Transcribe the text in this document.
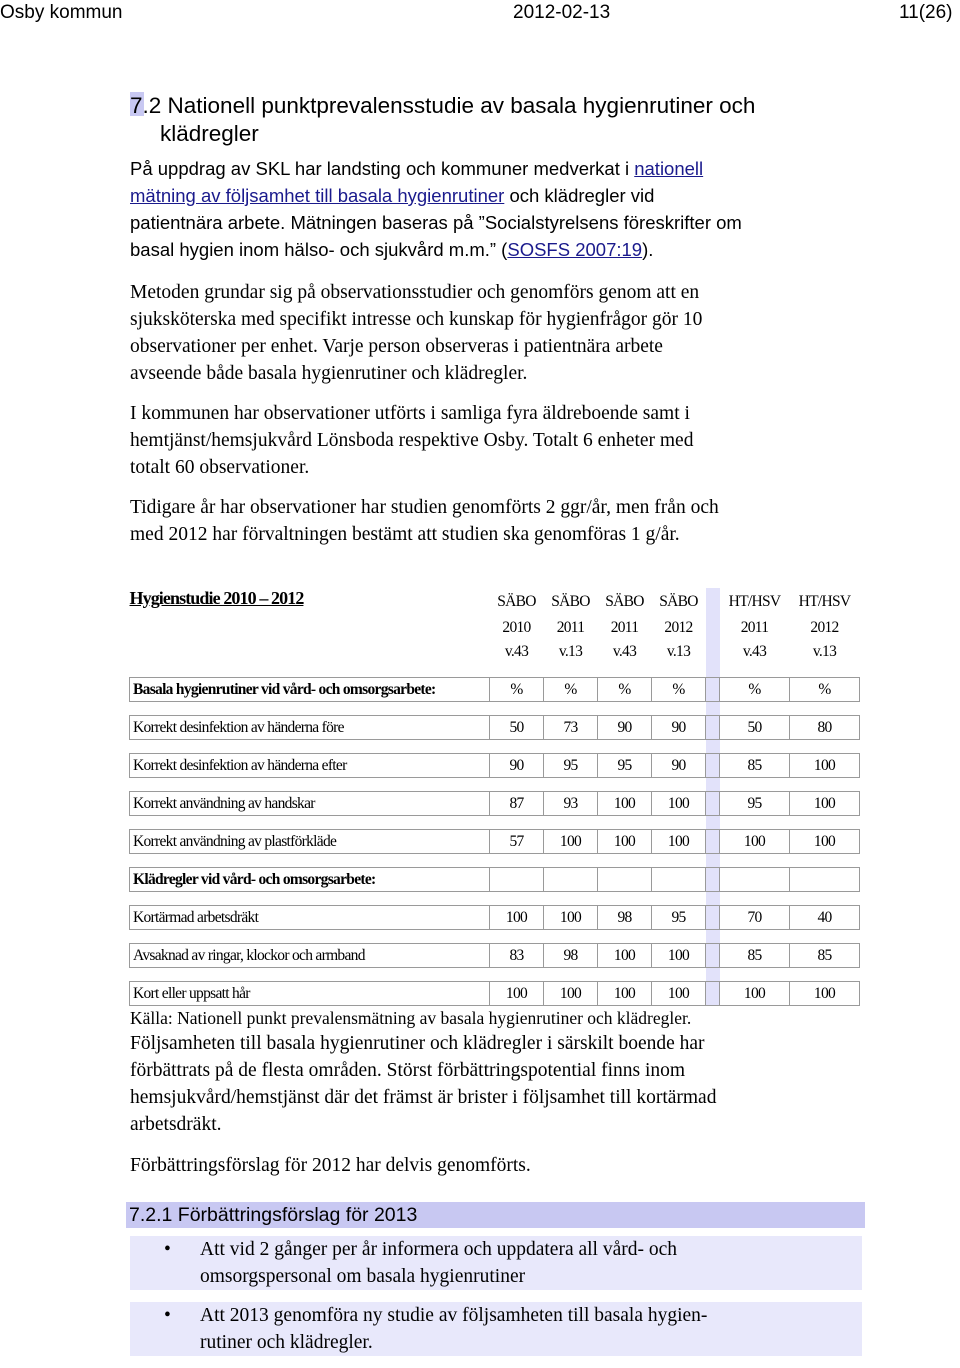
Osby kommun	2012-02-13	11(26)
7.2 Nationell punktprevalensstudie av basala hygienrutiner och
klädregler

På uppdrag av SKL har landsting och kommuner medverkat i nationell
mätning av följsamhet till basala hygienrutiner och klädregler vid
patientnära arbete. Mätningen baseras på ”Socialstyrelsens föreskrifter om
basal hygien inom hälso- och sjukvård m.m.” (SOSFS 2007:19).

Metoden grundar sig på observationsstudier och genomförs genom att en
sjuksköterska med specifikt intresse och kunskap för hygienfrågor gör 10
observationer per enhet. Varje person observeras i patientnära arbete
avseende både basala hygienrutiner och klädregler.

I kommunen har observationer utförts i samliga fyra äldreboende samt i
hemtjänst/hemsjukvård Lönsboda respektive Osby. Totalt 6 enheter med
totalt 60 observationer.

Tidigare år har observationer har studien genomförts 2 ggr/år, men från och
med 2012 har förvaltningen bestämt att studien ska genomföras 1 g/år.

Hygienstudie 2010 – 2012	SÄBO	SÄBO	SÄBO	SÄBO		HT/HSV	HT/HSV
	2010	2011	2011	2012		2011	2012
	v.43	v.13	v.43	v.13		v.43	v.13

Basala hygienrutiner vid vård- och omsorgsarbete:	%	%	%	%		%	%

Korrekt desinfektion av händerna före	50	73	90	90		50	80

Korrekt desinfektion av händerna efter	90	95	95	90		85	100

Korrekt användning av handskar	87	93	100	100		95	100

Korrekt användning av plastförkläde	57	100	100	100		100	100

Klädregler vid vård- och omsorgsarbete:							

Kortärmad arbetsdräkt	100	100	98	95		70	40

Avsaknad av ringar, klockor och armband	83	98	100	100		85	85

Kort eller uppsatt hår	100	100	100	100		100	100
Källa: Nationell punkt prevalensmätning av basala hygienrutiner och klädregler.

Följsamheten till basala hygienrutiner och klädregler i särskilt boende har
förbättrats på de flesta områden. Störst förbättringspotential finns inom
hemsjukvård/hemstjänst där det främst är brister i följsamhet till kortärmad
arbetsdräkt.

Förbättringsförslag för 2012 har delvis genomförts.

7.2.1 Förbättringsförslag för 2013
• Att vid 2 gånger per år informera och uppdatera all vård- och
omsorgspersonal om basala hygienrutiner
• Att 2013 genomföra ny studie av följsamheten till basala hygien-
rutiner och klädregler.
